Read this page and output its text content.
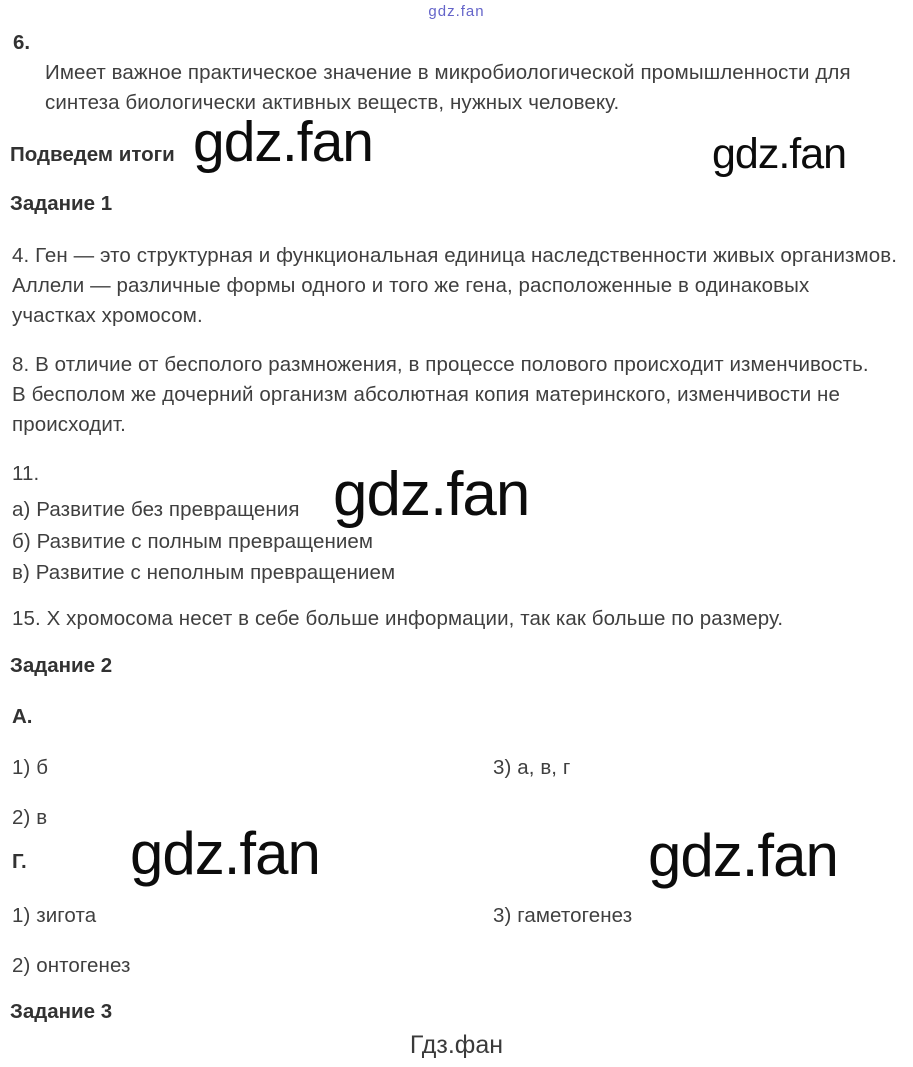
gdz.fan
6.
Имеет важное практическое значение в микробиологической промышленности для синтеза биологически активных веществ, нужных человеку.
Подведем итоги gdz.fan	gdz.fan
Задание 1
4. Ген — это структурная и функциональная единица наследственности живых организмов. Аллели — различные формы одного и того же гена, расположенные в одинаковых участках хромосом.
8. В отличие от бесполого размножения, в процессе полового происходит изменчивость. В бесполом же дочерний организм абсолютная копия материнского, изменчивости не происходит.
11.	gdz.fan
а) Развитие без превращения
б) Развитие с полным превращением
в) Развитие с неполным превращением
15. Х хромосома несет в себе больше информации, так как больше по размеру.
Задание 2
А.
1) б	3) а, в, г
2) в
Г. gdz.fan	gdz.fan
1) зигота	3) гаметогенез
2) онтогенез
Задание 3
Гдз.фан
